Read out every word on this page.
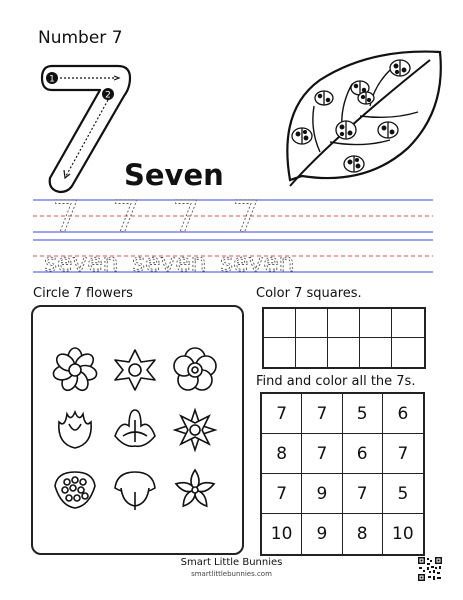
Number 7
1
2
Seven
7 7 7 7
seven seven seven
Circle 7 flowers	Color 7 squares.
Find and color all the 7s.
7	7	5	6
8	7	6	7
7	9	7	5
10	9	8	10
Smart Little Bunnies
smartlittlebunnies.com
